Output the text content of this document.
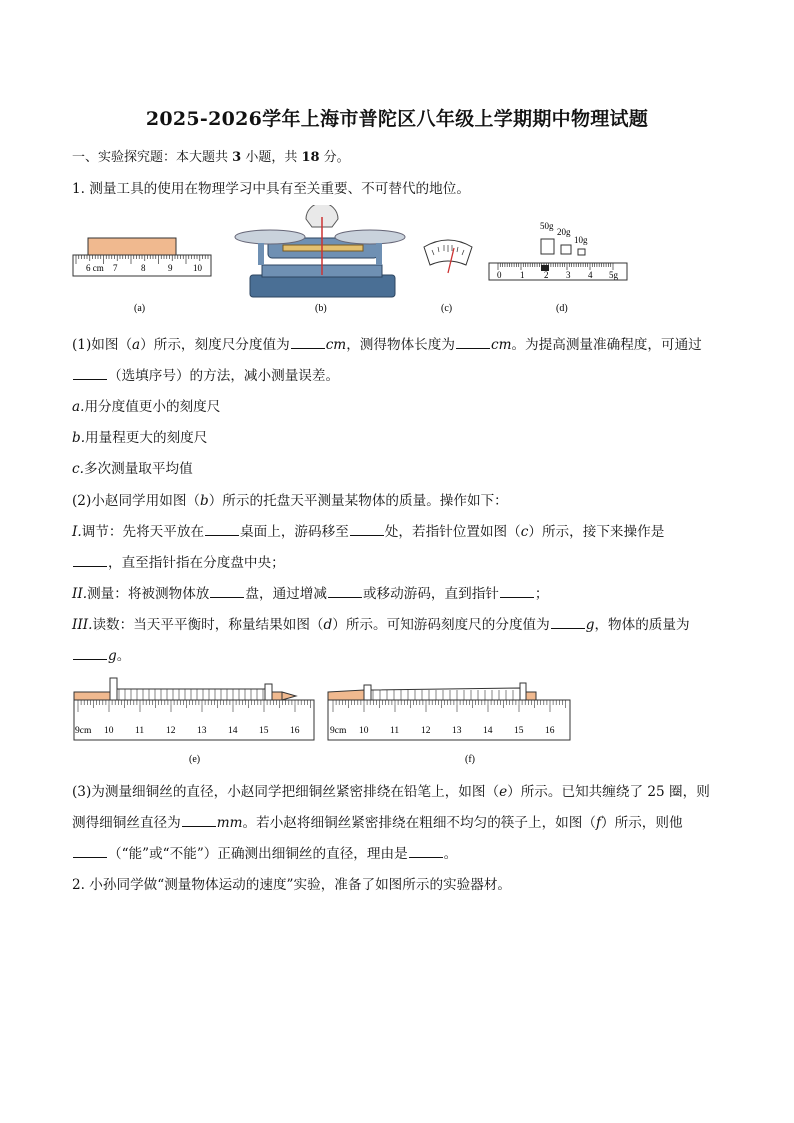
2025-2026学年上海市普陀区八年级上学期期中物理试题
一、实验探究题：本大题共 3 小题，共 18 分。
1. 测量工具的使用在物理学习中具有至关重要、不可替代的地位。
6 cm 7	8	9 10
50g
20g
10g
0 1 2 3 4 5g
(a)	(b)	(c)	(d)
(1)如图（a）所示，刻度尺分度值为	cm，测得物体长度为	cm。为提高测量准确程度，可通过
（选填序号）的方法，减小测量误差。
a.用分度值更小的刻度尺
b.用量程更大的刻度尺
c.多次测量取平均值
(2)小赵同学用如图（b）所示的托盘天平测量某物体的质量。操作如下：
I.调节：先将天平放在	桌面上，游码移至	处，若指针位置如图（c）所示，接下来操作是
，直至指针指在分度盘中央；
II.测量：将被测物体放	盘，通过增减	或移动游码，直到指针	；
III.读数：当天平平衡时，称量结果如图（d）所示。可知游码刻度尺的分度值为	g，物体的质量为
g。
9cm 10 11 12 13 14 15 16	9cm 10 11 12 13 14 15 16
(e)	(f)
(3)为测量细铜丝的直径，小赵同学把细铜丝紧密排绕在铅笔上，如图（e）所示。已知共缠绕了 25 圈，则
测得细铜丝直径为	mm。若小赵将细铜丝紧密排绕在粗细不均匀的筷子上，如图（f）所示，则他
（“能”或“不能”）正确测出细铜丝的直径，理由是	。
2. 小孙同学做“测量物体运动的速度”实验，准备了如图所示的实验器材。
